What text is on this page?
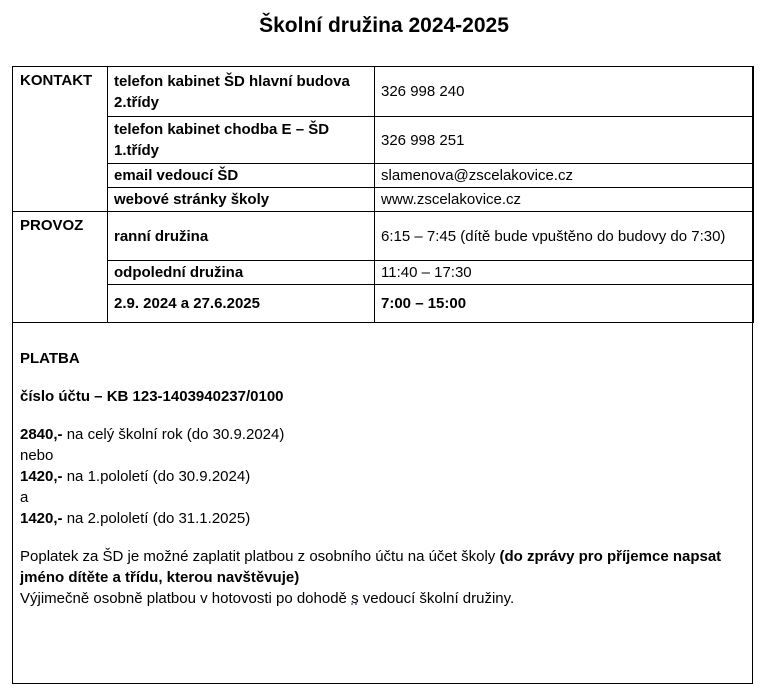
Školní družina 2024-2025
KONTAKT	telefon kabinet ŠD hlavní budova 2.třídy	326 998 240
	telefon kabinet chodba E – ŠD 1.třídy	326 998 251
	email vedoucí ŠD	slamenova@zscelakovice.cz
	webové stránky školy	www.zscelakovice.cz
PROVOZ	ranní družina	6:15 – 7:45 (dítě bude vpuštěno do budovy do 7:30)
	odpolední družina	11:40 – 17:30
	2.9. 2024 a 27.6.2025	7:00 – 15:00

PLATBA

číslo účtu – KB 123-1403940237/0100

2840,- na celý školní rok (do 30.9.2024)

nebo

1420,- na 1.pololetí (do 30.9.2024)

a

1420,- na 2.pololetí (do 31.1.2025)

Poplatek za ŠD je možné zaplatit platbou z osobního účtu na účet školy (do zprávy pro příjemce napsat jméno dítěte a třídu, kterou navštěvuje)

Výjimečně osobně platbou v hotovosti po dohodě s vedoucí školní družiny.
